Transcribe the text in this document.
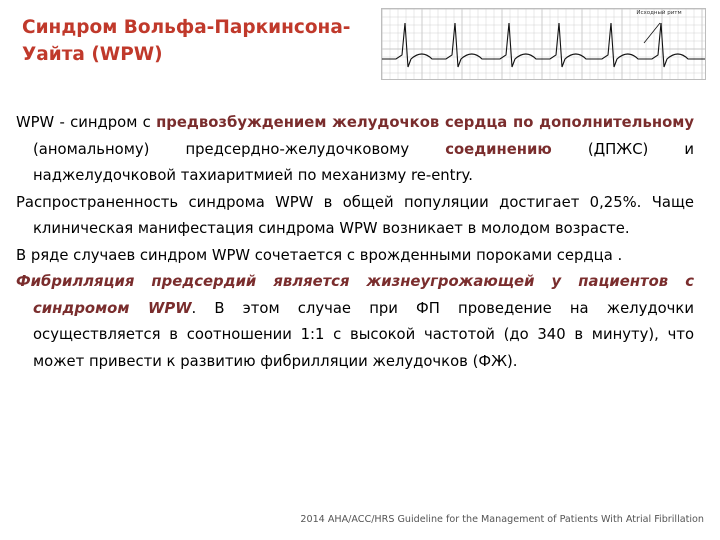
Синдром Вольфа-Паркинсона-Уайта (WPW)
Исходный ритм

WPW - синдром с предвозбуждением желудочков сердца по дополнительному (аномальному) предсердно-желудочковому соединению (ДПЖС) и наджелудочковой тахиаритмией по механизму re-entry.

Распространенность синдрома WPW в общей популяции достигает 0,25%. Чаще клиническая манифестация синдрома WPW возникает в молодом возрасте.

В ряде случаев синдром WPW сочетается с врожденными пороками сердца .

Фибрилляция предсердий является жизнеугрожающей у пациентов с синдромом WPW. В этом случае при ФП проведение на желудочки осуществляется в соотношении 1:1 с высокой частотой (до 340 в минуту), что может привести к развитию фибрилляции желудочков (ФЖ).

2014 AHA/ACC/HRS Guideline for the Management of Patients With Atrial Fibrillation
